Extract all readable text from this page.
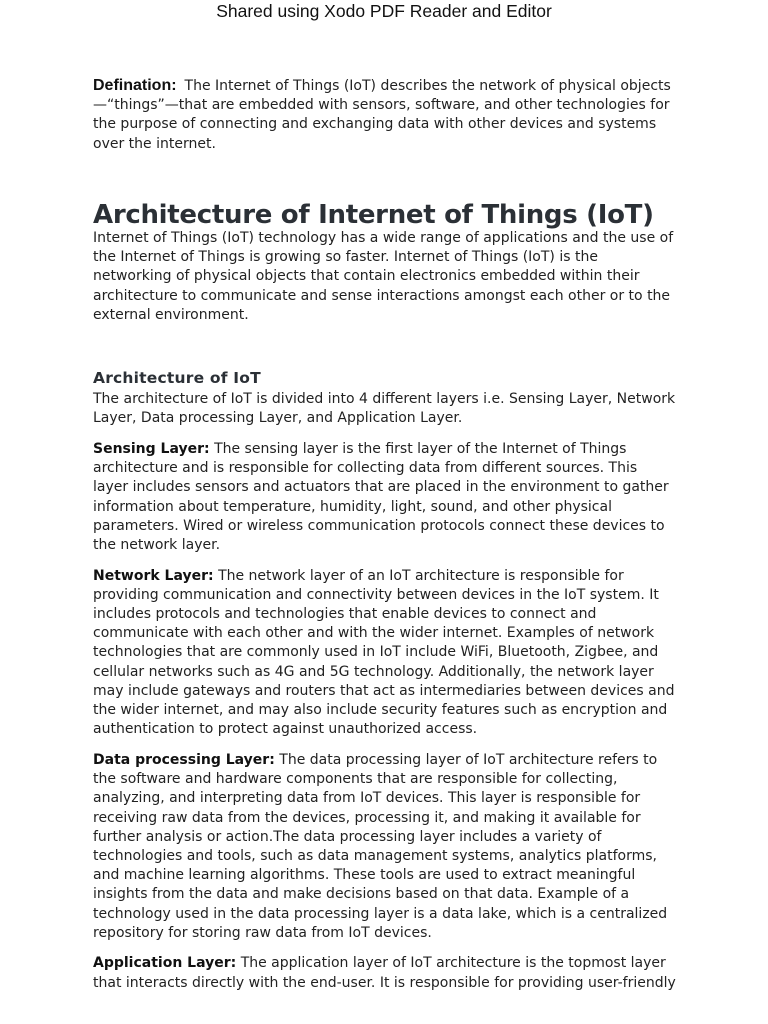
Shared using Xodo PDF Reader and Editor

Defination: The Internet of Things (IoT) describes the network of physical objects—“things”—that are embedded with sensors, software, and other technologies for the purpose of connecting and exchanging data with other devices and systems over the internet.

Architecture of Internet of Things (IoT)

Internet of Things (IoT) technology has a wide range of applications and the use of the Internet of Things is growing so faster. Internet of Things (IoT) is the networking of physical objects that contain electronics embedded within their architecture to communicate and sense interactions amongst each other or to the external environment.

Architecture of IoT

The architecture of IoT is divided into 4 different layers i.e. Sensing Layer, Network Layer, Data processing Layer, and Application Layer.

Sensing Layer: The sensing layer is the first layer of the Internet of Things architecture and is responsible for collecting data from different sources. This layer includes sensors and actuators that are placed in the environment to gather information about temperature, humidity, light, sound, and other physical parameters. Wired or wireless communication protocols connect these devices to the network layer.

Network Layer: The network layer of an IoT architecture is responsible for providing communication and connectivity between devices in the IoT system. It includes protocols and technologies that enable devices to connect and communicate with each other and with the wider internet. Examples of network technologies that are commonly used in IoT include WiFi, Bluetooth, Zigbee, and cellular networks such as 4G and 5G technology. Additionally, the network layer may include gateways and routers that act as intermediaries between devices and the wider internet, and may also include security features such as encryption and authentication to protect against unauthorized access.

Data processing Layer: The data processing layer of IoT architecture refers to the software and hardware components that are responsible for collecting, analyzing, and interpreting data from IoT devices. This layer is responsible for receiving raw data from the devices, processing it, and making it available for further analysis or action.The data processing layer includes a variety of technologies and tools, such as data management systems, analytics platforms, and machine learning algorithms. These tools are used to extract meaningful insights from the data and make decisions based on that data. Example of a technology used in the data processing layer is a data lake, which is a centralized repository for storing raw data from IoT devices.

Application Layer: The application layer of IoT architecture is the topmost layer that interacts directly with the end-user. It is responsible for providing user-friendly
